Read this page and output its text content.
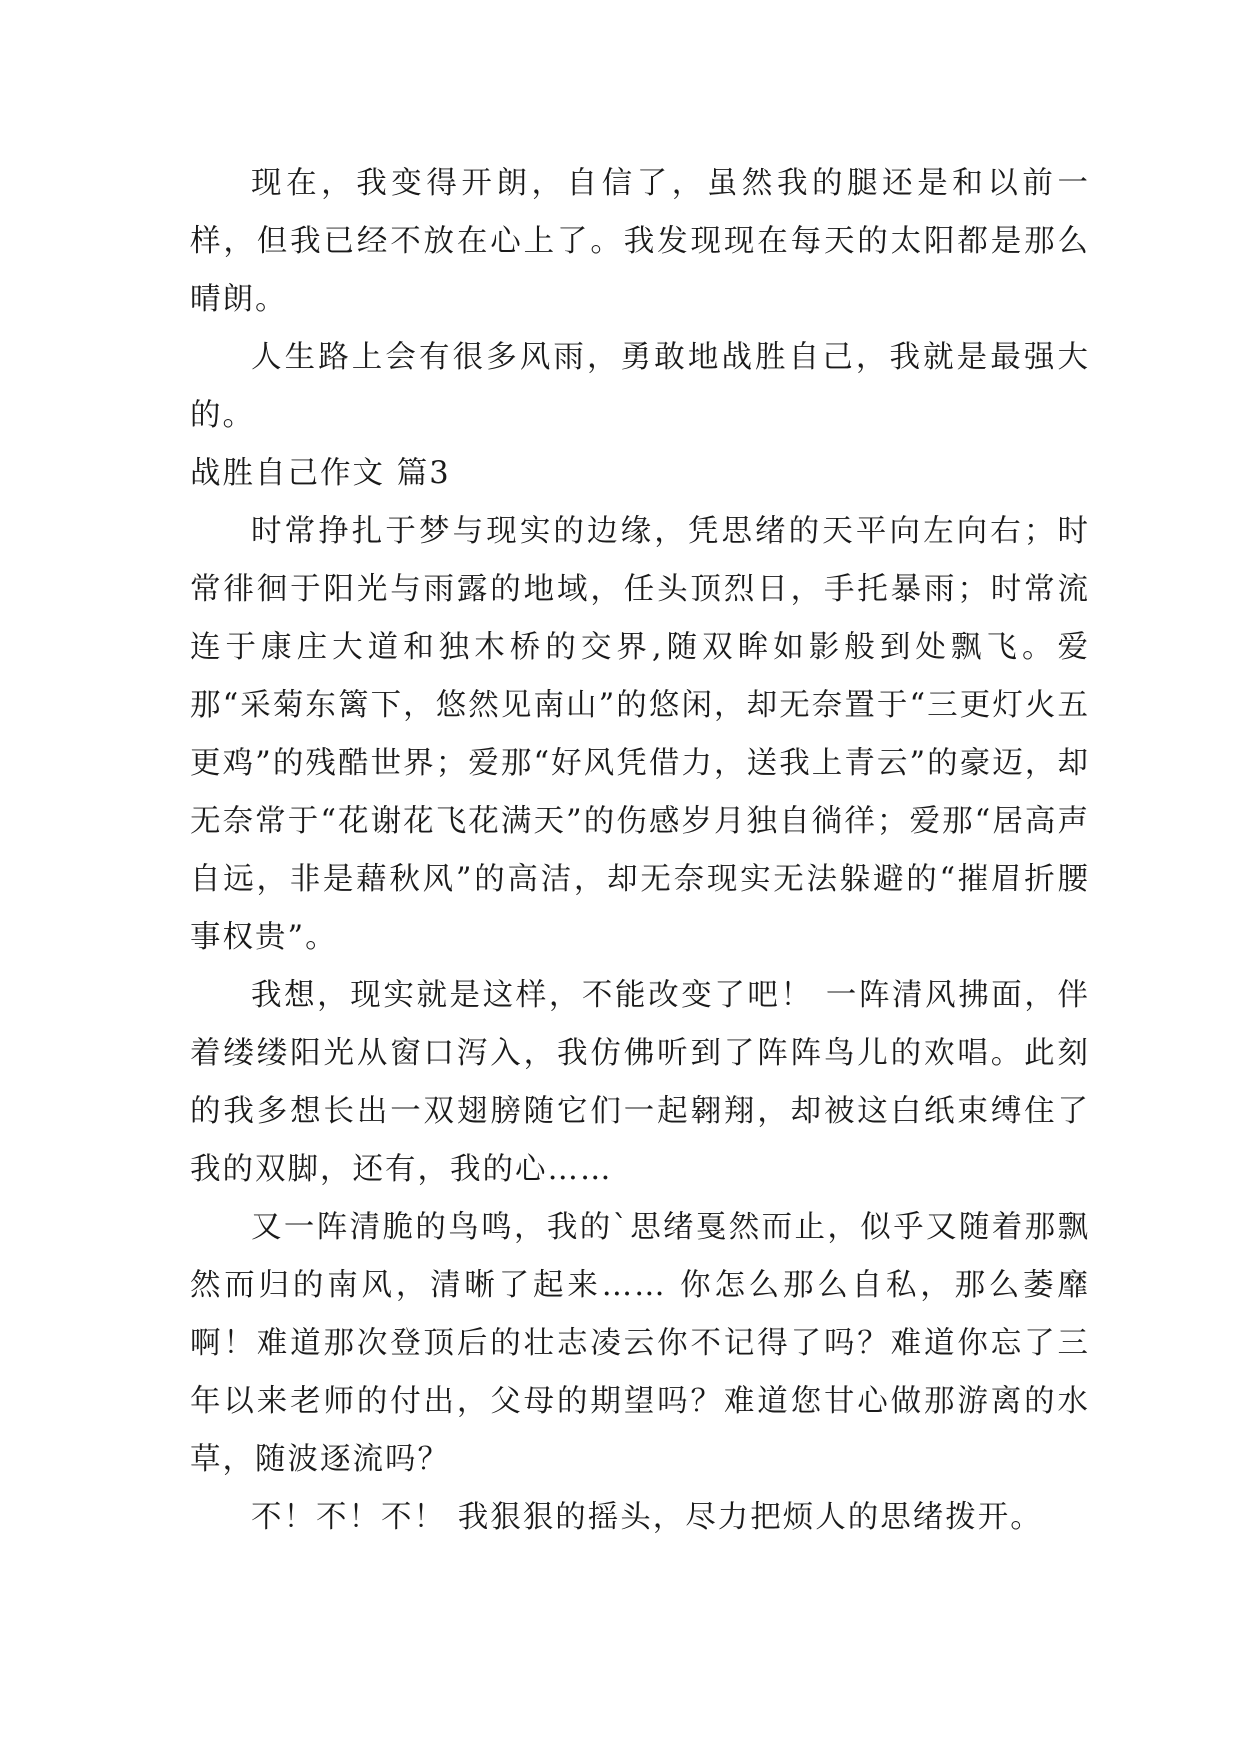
现在，我变得开朗，自信了，虽然我的腿还是和以前一样，但我已经不放在心上了。我发现现在每天的太阳都是那么晴朗。

人生路上会有很多风雨，勇敢地战胜自己，我就是最强大的。

战胜自己作文 篇3

时常挣扎于梦与现实的边缘，凭思绪的天平向左向右；时常徘徊于阳光与雨露的地域，任头顶烈日，手托暴雨；时常流连于康庄大道和独木桥的交界,随双眸如影般到处飘飞。爱那“采菊东篱下，悠然见南山”的悠闲，却无奈置于“三更灯火五更鸡”的残酷世界；爱那“好风凭借力，送我上青云”的豪迈，却无奈常于“花谢花飞花满天”的伤感岁月独自徜徉；爱那“居高声自远，非是藉秋风”的高洁，却无奈现实无法躲避的“摧眉折腰事权贵”。

我想，现实就是这样，不能改变了吧！ 一阵清风拂面，伴着缕缕阳光从窗口泻入，我仿佛听到了阵阵鸟儿的欢唱。此刻的我多想长出一双翅膀随它们一起翱翔，却被这白纸束缚住了我的双脚，还有，我的心……

又一阵清脆的鸟鸣，我的`思绪戛然而止，似乎又随着那飘然而归的南风，清晰了起来…… 你怎么那么自私，那么萎靡啊！难道那次登顶后的壮志凌云你不记得了吗？难道你忘了三年以来老师的付出，父母的期望吗？难道您甘心做那游离的水草，随波逐流吗？

不！不！不！ 我狠狠的摇头，尽力把烦人的思绪拨开。
